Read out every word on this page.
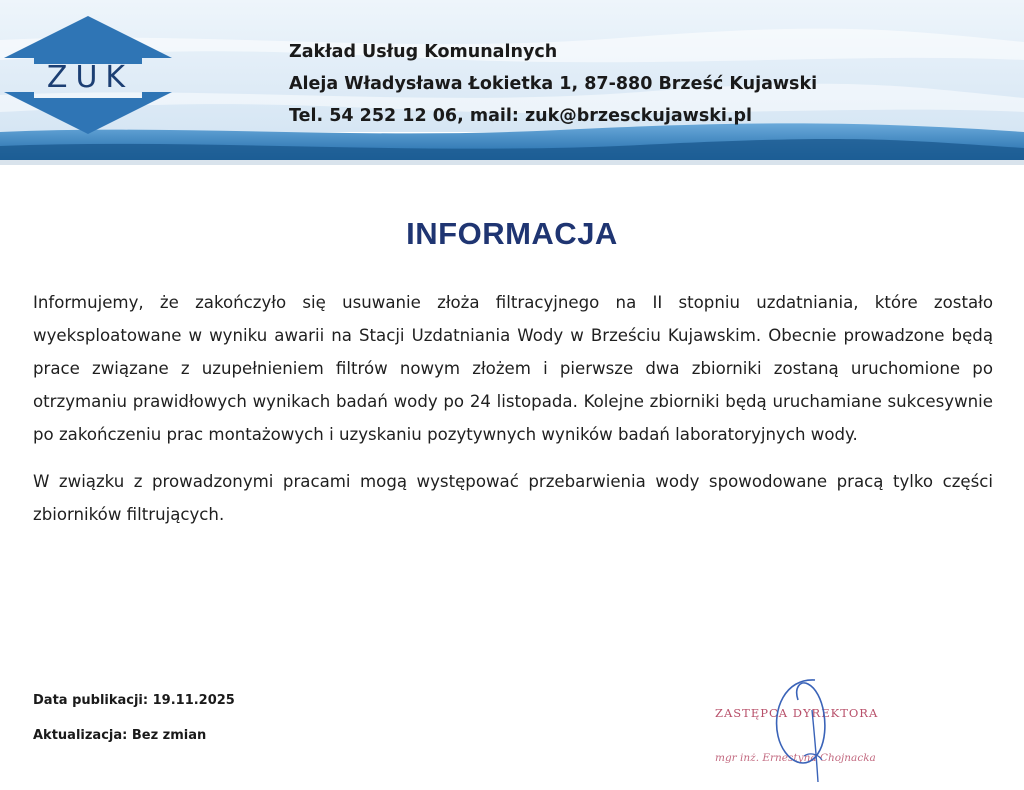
ZUK
Zakład Usług Komunalnych
Aleja Władysława Łokietka 1, 87-880 Brześć Kujawski
Tel. 54 252 12 06, mail: zuk@brzesckujawski.pl
INFORMACJA

Informujemy, że zakończyło się usuwanie złoża filtracyjnego na II stopniu uzdatniania, które zostało wyeksploatowane w wyniku awarii na Stacji Uzdatniania Wody w Brześciu Kujawskim. Obecnie prowadzone będą prace związane z uzupełnieniem filtrów nowym złożem i pierwsze dwa zbiorniki zostaną uruchomione po otrzymaniu prawidłowych wynikach badań wody po 24 listopada. Kolejne zbiorniki będą uruchamiane sukcesywnie po zakończeniu prac montażowych i uzyskaniu pozytywnych wyników badań laboratoryjnych wody.

W związku z prowadzonymi pracami mogą występować przebarwienia wody spowodowane pracą tylko części zbiorników filtrujących.

Data publikacji: 19.11.2025
Aktualizacja: Bez zmian
ZASTĘPCA DYREKTORA
mgr inż. Ernestyna Chojnacka
